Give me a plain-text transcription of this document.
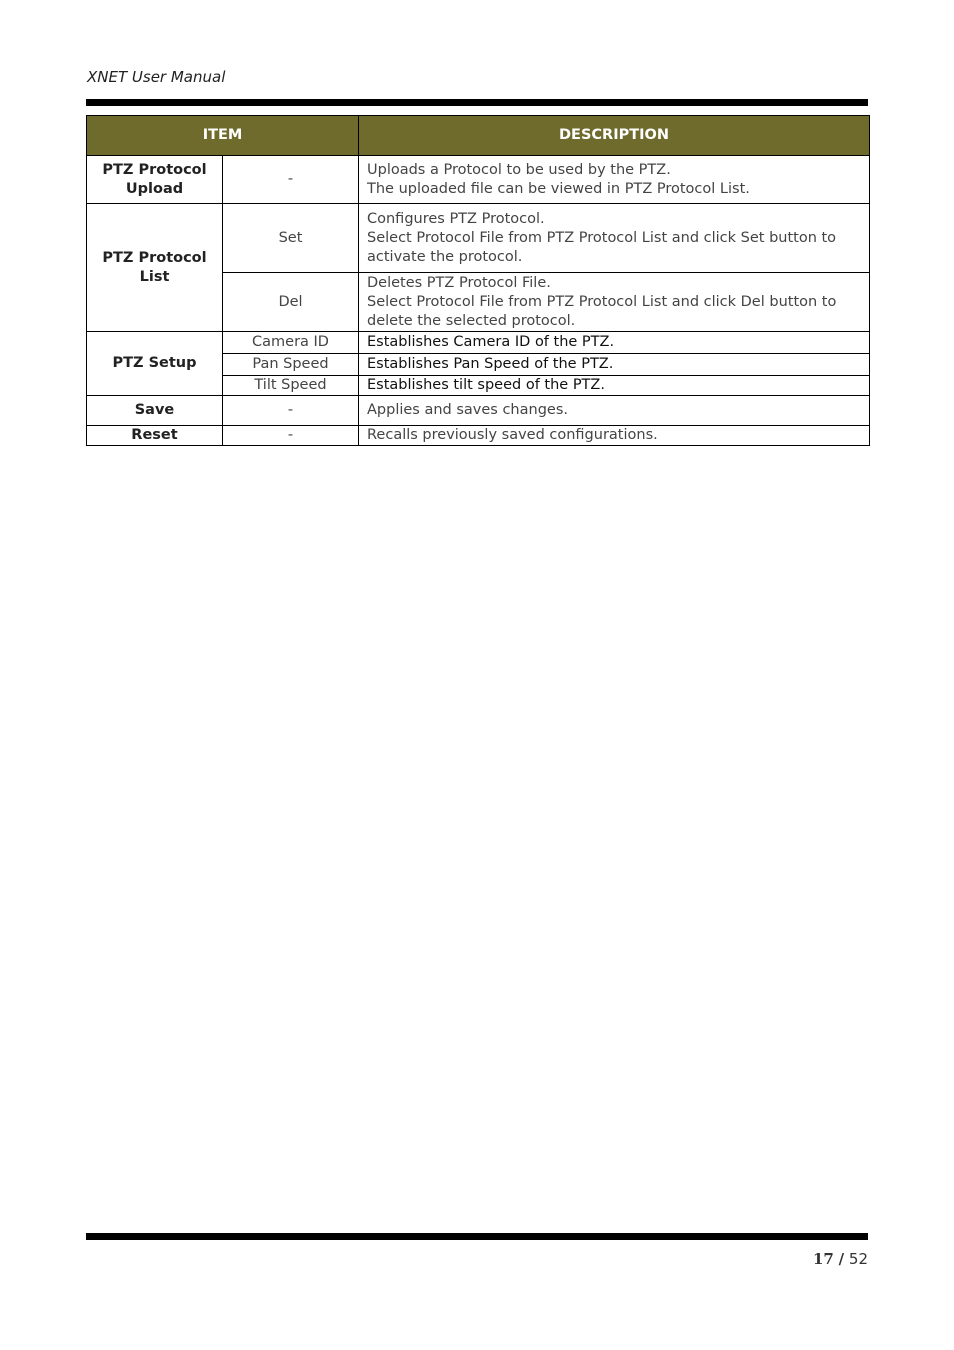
XNET User Manual
ITEM		DESCRIPTION
PTZ Protocol Upload	-	Uploads a Protocol to be used by the PTZ.
The uploaded file can be viewed in PTZ Protocol List.

PTZ Protocol List	Set	Configures PTZ Protocol.
Select Protocol File from PTZ Protocol List and click Set button to
activate the protocol.

	Del	Deletes PTZ Protocol File.
Select Protocol File from PTZ Protocol List and click Del button to
delete the selected protocol.

PTZ Setup	Camera ID	Establishes Camera ID of the PTZ.
	Pan Speed	Establishes Pan Speed of the PTZ.
	Tilt Speed	Establishes tilt speed of the PTZ.
Save	-	Applies and saves changes.
Reset	-	Recalls previously saved configurations.
17 / 52
